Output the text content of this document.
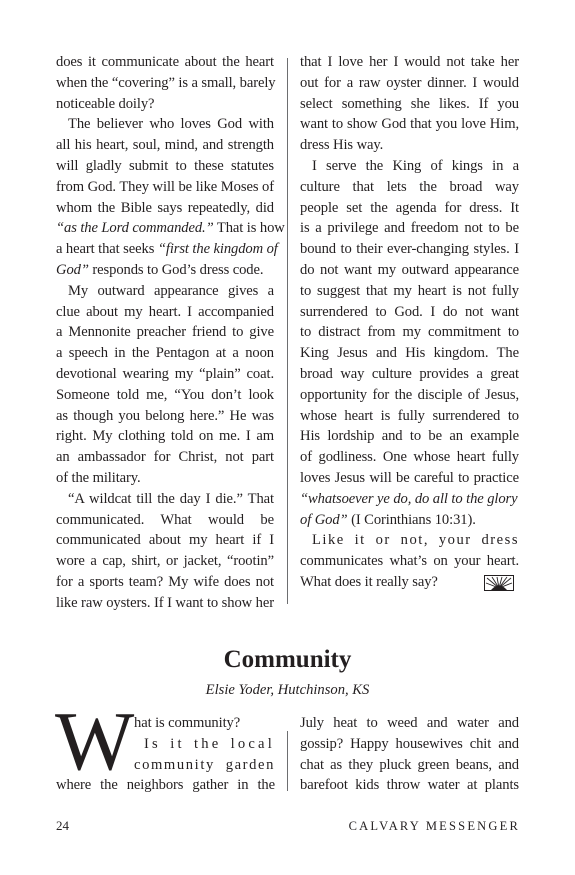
does it communicate about the heart
when the “covering” is a small, barely
noticeable doily?

The believer who loves God with
all his heart, soul, mind, and strength
will gladly submit to these statutes
from God. They will be like Moses of
whom the Bible says repeatedly, did
“as the Lord commanded.” That is how
a heart that seeks “first the kingdom of
God” responds to God’s dress code.

My outward appearance gives a
clue about my heart. I accompanied
a Mennonite preacher friend to give
a speech in the Pentagon at a noon
devotional wearing my “plain” coat.
Someone told me, “You don’t look
as though you belong here.” He was
right. My clothing told on me. I am
an ambassador for Christ, not part
of the military.

“A wildcat till the day I die.” That
communicated. What would be
communicated about my heart if I
wore a cap, shirt, or jacket, “rootin”
for a sports team? My wife does not
like raw oysters. If I want to show her

that I love her I would not take her
out for a raw oyster dinner. I would
select something she likes. If you
want to show God that you love Him,
dress His way.

I serve the King of kings in a
culture that lets the broad way
people set the agenda for dress. It
is a privilege and freedom not to be
bound to their ever-changing styles. I
do not want my outward appearance
to suggest that my heart is not fully
surrendered to God. I do not want
to distract from my commitment to
King Jesus and His kingdom. The
broad way culture provides a great
opportunity for the disciple of Jesus,
whose heart is fully surrendered to
His lordship and to be an example
of godliness. One whose heart fully
loves Jesus will be careful to practice
“whatsoever ye do, do all to the glory
of God” (I Corinthians 10:31).

Like it or not, your dress
communicates what’s on your heart.
What does it really say?

Community
Elsie Yoder, Hutchinson, KS
W hat is community?
Is it the local
community garden
where the neighbors gather in the
July heat to weed and water and
gossip? Happy housewives chit and
chat as they pluck green beans, and
barefoot kids throw water at plants
24	CALVARY MESSENGER
